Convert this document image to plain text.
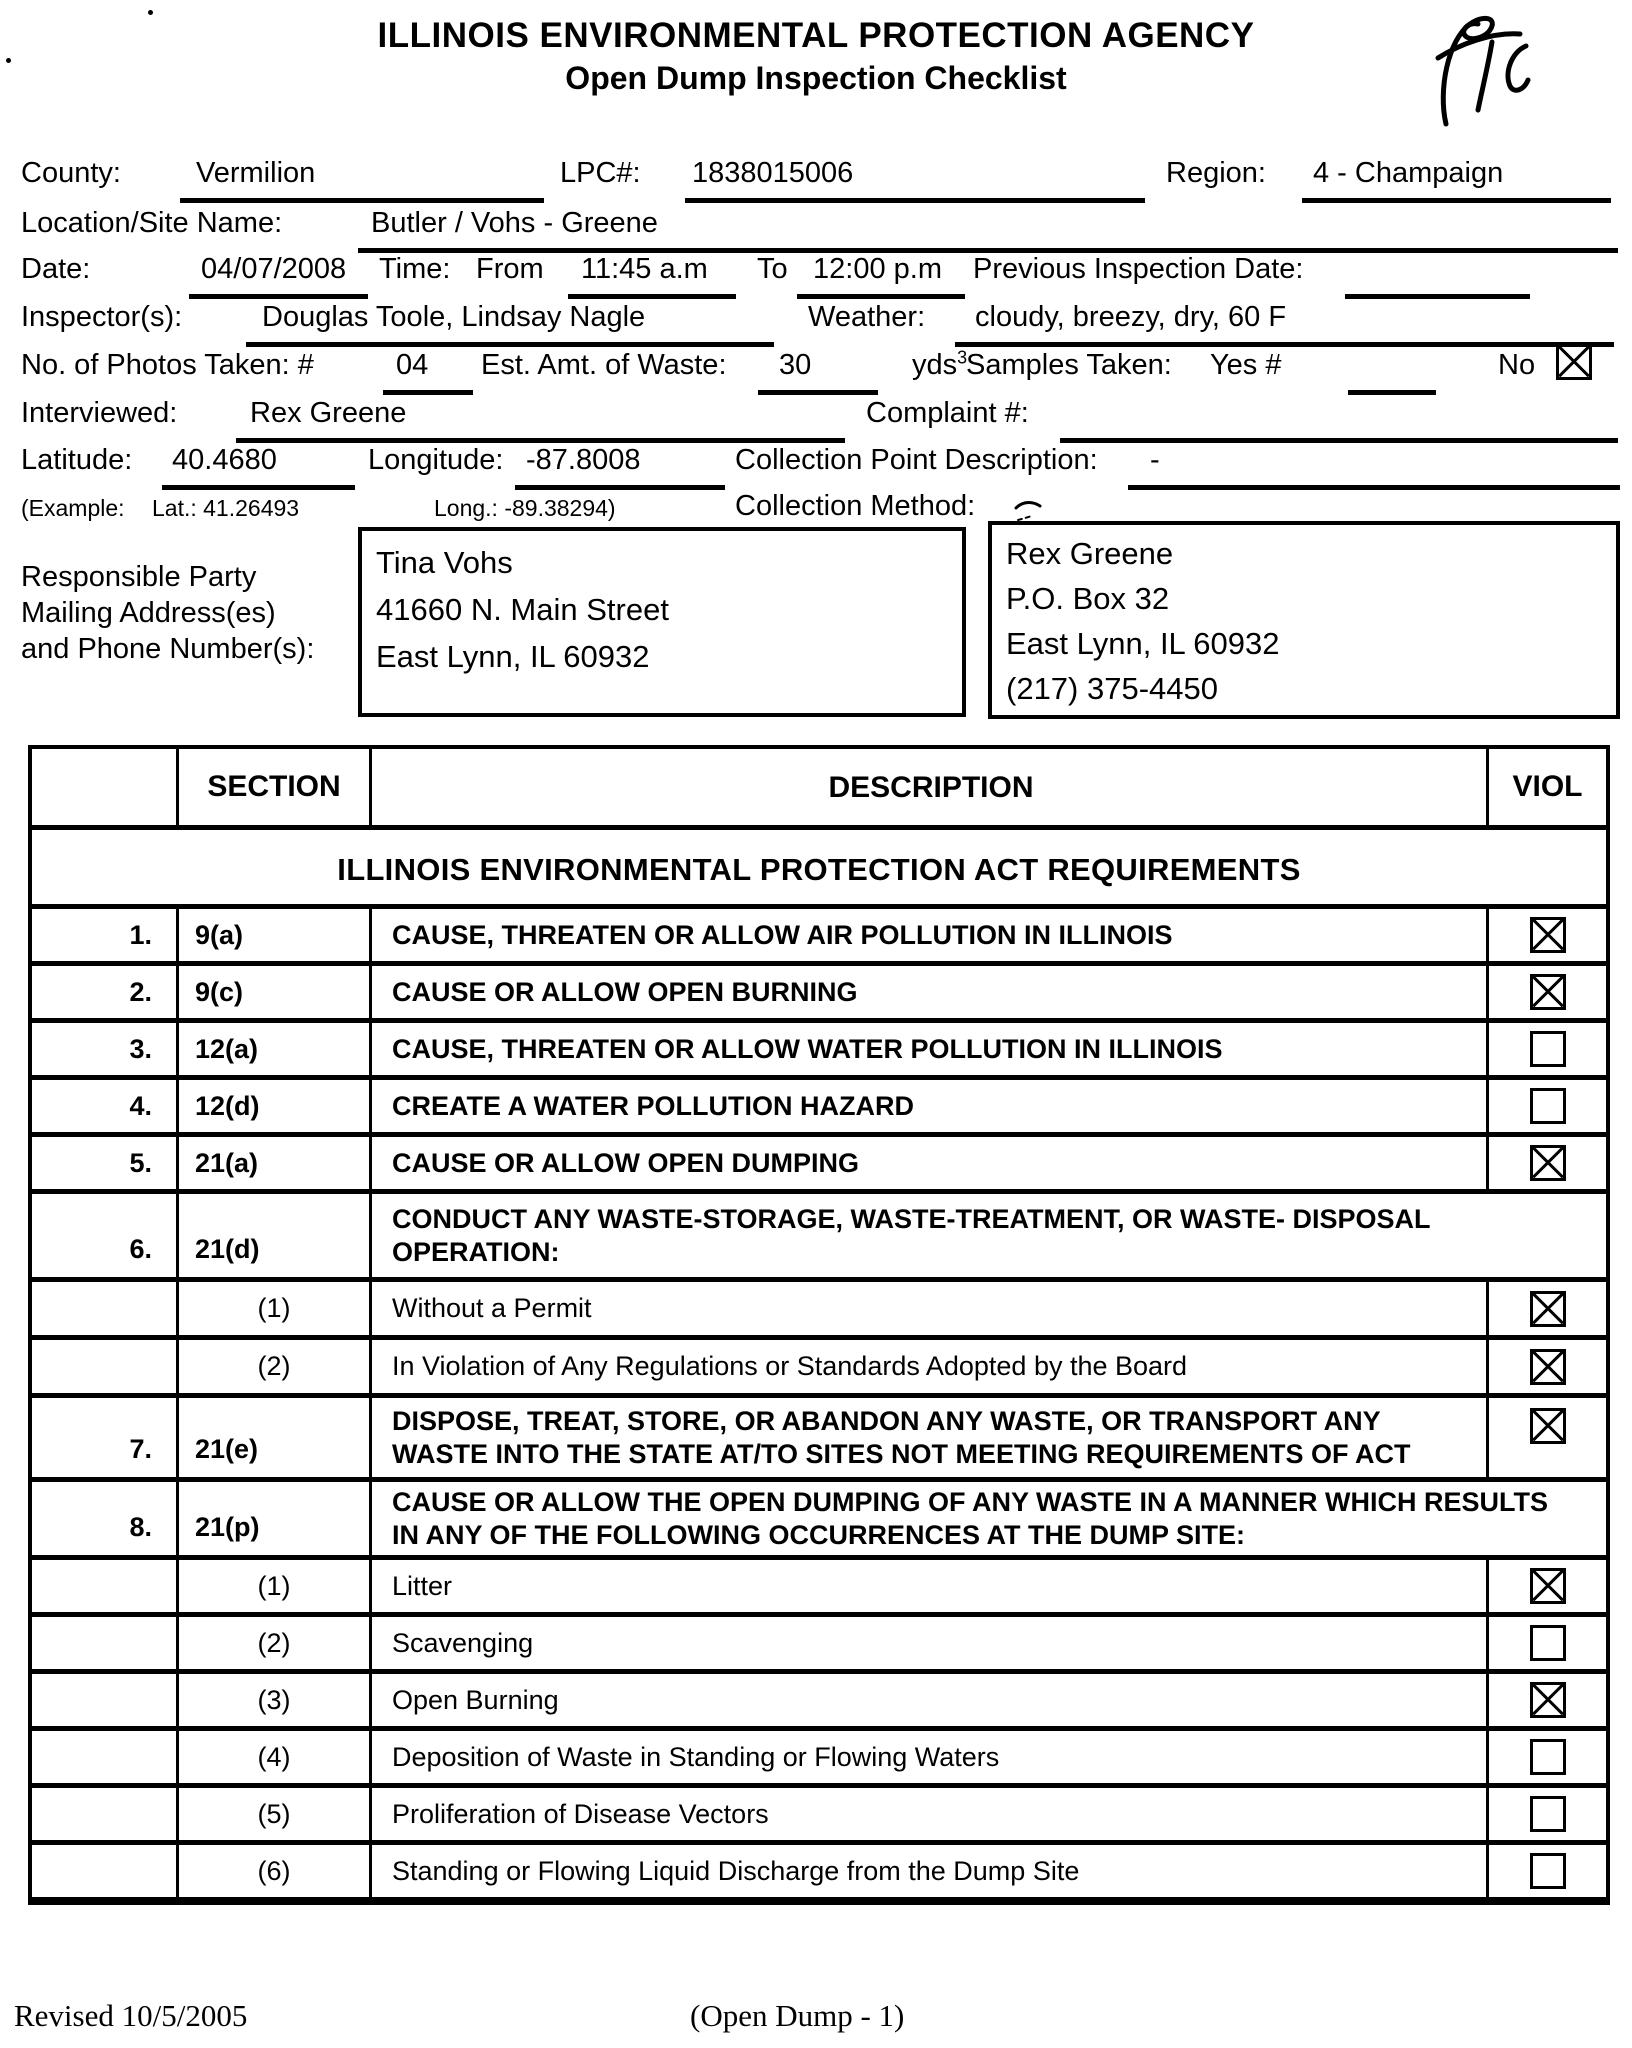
ILLINOIS ENVIRONMENTAL PROTECTION AGENCY
Open Dump Inspection Checklist
County:	Vermilion	LPC#: 1838015006	Region: 4 - Champaign
Location/Site Name:	Butler / Vohs - Greene
Date:	04/07/2008 Time: From 11:45 a.m To 12:00 p.m Previous Inspection Date:
Inspector(s):	Douglas Toole, Lindsay Nagle	Weather: cloudy, breezy, dry, 60 F
No. of Photos Taken: #	04 Est. Amt. of Waste: 30	yds$^3$
Samples Taken: Yes #	No
Interviewed:	Rex Greene	Complaint #:
Latitude: 40.4680	Longitude: -87.8008	Collection Point Description: -
(Example: Lat.: 41.26493	Long.: -89.38294)	Collection Method:
Responsible Party
Mailing Address(es)
and Phone Number(s):
Tina Vohs
41660 N. Main Street
East Lynn, IL 60932
Rex Greene
P.O. Box 32
East Lynn, IL 60932
(217) 375-4450
SECTION	DESCRIPTION	VIOL
ILLINOIS ENVIRONMENTAL PROTECTION ACT REQUIREMENTS
1.	9(a)	CAUSE, THREATEN OR ALLOW AIR POLLUTION IN ILLINOIS
2.	9(c)	CAUSE OR ALLOW OPEN BURNING
3.	12(a)	CAUSE, THREATEN OR ALLOW WATER POLLUTION IN ILLINOIS
4.	12(d)	CREATE A WATER POLLUTION HAZARD
5.	21(a)	CAUSE OR ALLOW OPEN DUMPING
6.	21(d)
CONDUCT ANY WASTE-STORAGE, WASTE-TREATMENT, OR WASTE- DISPOSAL
OPERATION:
(1)	Without a Permit
(2)	In Violation of Any Regulations or Standards Adopted by the Board
7.	21(e)
DISPOSE, TREAT, STORE, OR ABANDON ANY WASTE, OR TRANSPORT ANY
WASTE INTO THE STATE AT/TO SITES NOT MEETING REQUIREMENTS OF ACT
8.	21(p)
CAUSE OR ALLOW THE OPEN DUMPING OF ANY WASTE IN A MANNER WHICH RESULTS
IN ANY OF THE FOLLOWING OCCURRENCES AT THE DUMP SITE:
(1)	Litter
(2)	Scavenging
(3)	Open Burning
(4)	Deposition of Waste in Standing or Flowing Waters
(5)	Proliferation of Disease Vectors
(6)	Standing or Flowing Liquid Discharge from the Dump Site
Revised 10/5/2005	(Open Dump - 1)
